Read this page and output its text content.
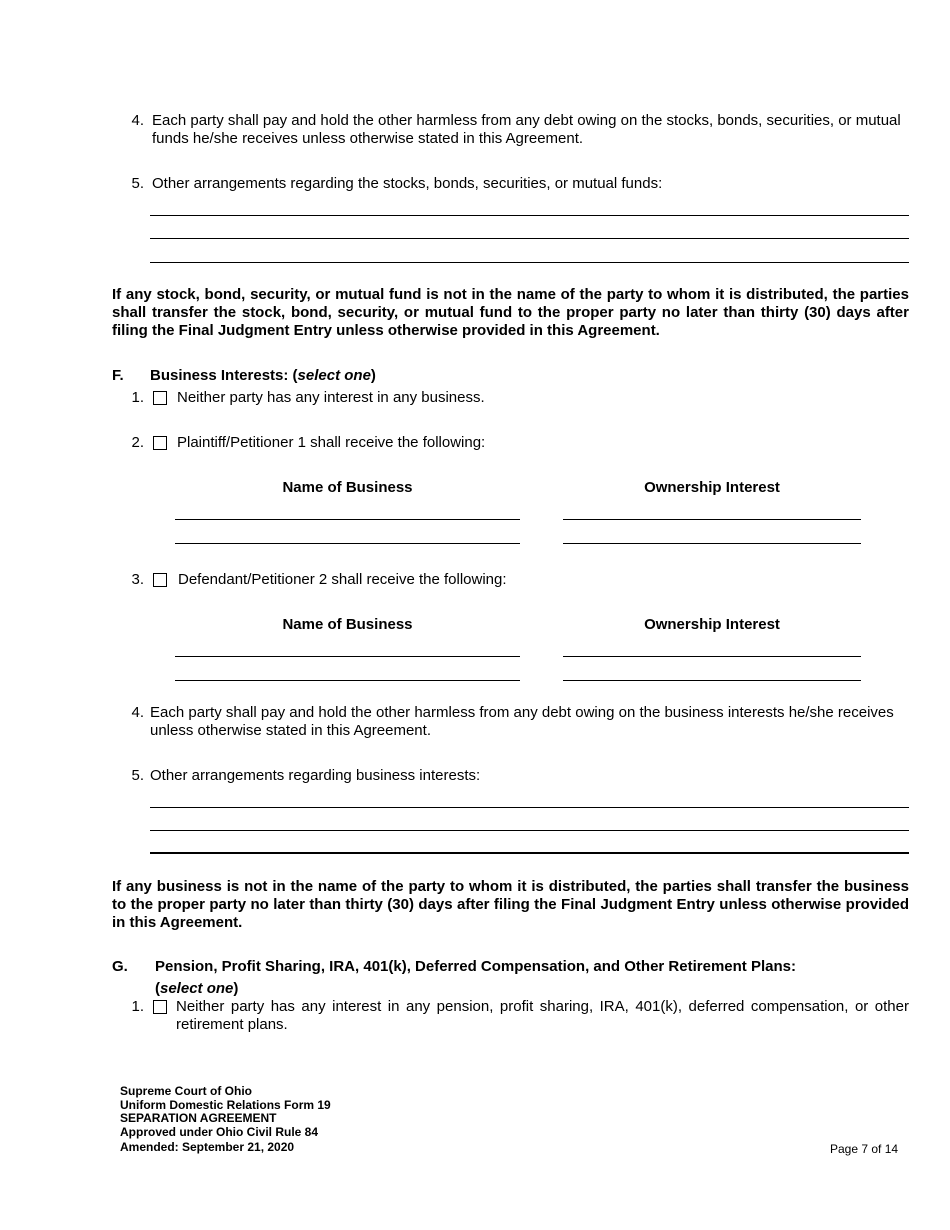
4. Each party shall pay and hold the other harmless from any debt owing on the stocks, bonds, securities, or mutual funds he/she receives unless otherwise stated in this Agreement.
5. Other arrangements regarding the stocks, bonds, securities, or mutual funds:
If any stock, bond, security, or mutual fund is not in the name of the party to whom it is distributed, the parties shall transfer the stock, bond, security, or mutual fund to the proper party no later than thirty (30) days after filing the Final Judgment Entry unless otherwise provided in this Agreement.
F. Business Interests: (select one)
1. Neither party has any interest in any business.
2. Plaintiff/Petitioner 1 shall receive the following:
Name of Business	Ownership Interest
3. Defendant/Petitioner 2 shall receive the following:
Name of Business	Ownership Interest
4. Each party shall pay and hold the other harmless from any debt owing on the business interests he/she receives unless otherwise stated in this Agreement.
5. Other arrangements regarding business interests:
If any business is not in the name of the party to whom it is distributed, the parties shall transfer the business to the proper party no later than thirty (30) days after filing the Final Judgment Entry unless otherwise provided in this Agreement.
G. Pension, Profit Sharing, IRA, 401(k), Deferred Compensation, and Other Retirement Plans:
(select one)
1. Neither party has any interest in any pension, profit sharing, IRA, 401(k), deferred compensation, or other retirement plans.
Supreme Court of Ohio
Uniform Domestic Relations Form 19
SEPARATION AGREEMENT
Approved under Ohio Civil Rule 84
Amended: September 21, 2020	Page 7 of 14
